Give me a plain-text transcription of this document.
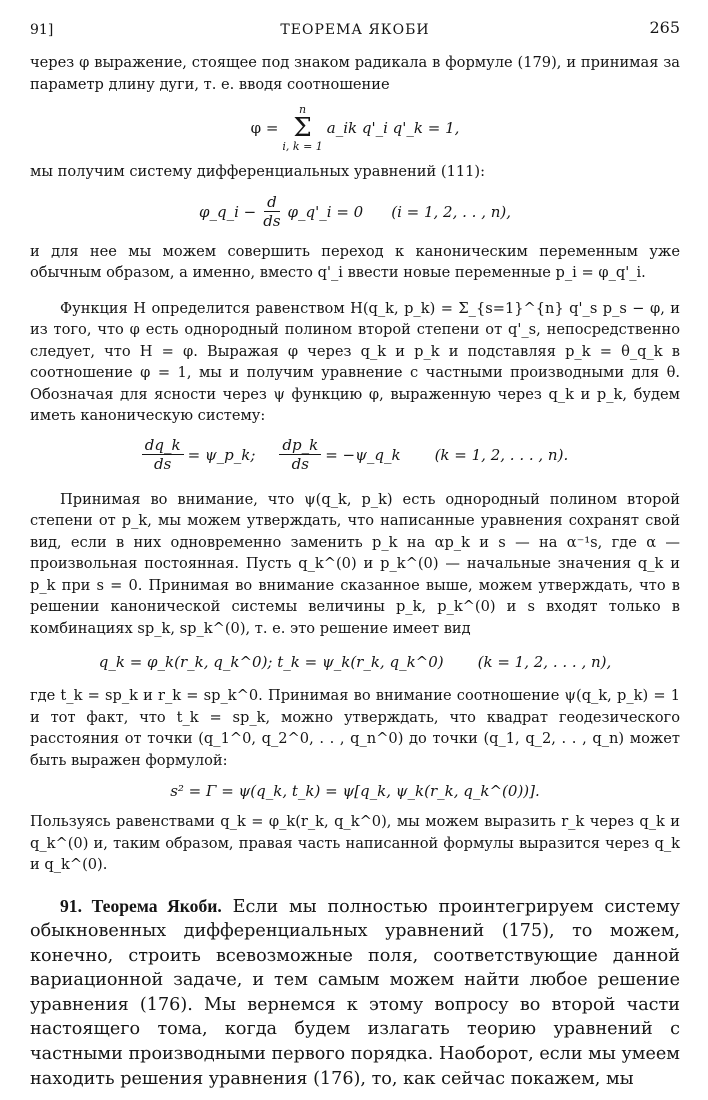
91]	ТЕОРЕМА ЯКОБИ	265

через φ выражение, стоящее под знаком радикала в формуле (179), и принимая за параметр длину дуги, т. е. вводя соотношение

φ =
n
Σ
i, k = 1
a_ik q'_i q'_k = 1,

мы получим систему дифференциальных уравнений (111):

φ_q_i − $\frac{d}{ds}$ φ_q'_i = 0 (i = 1, 2, . . , n),

и для нее мы можем совершить переход к каноническим переменным уже обычным образом, а именно, вместо q'_i ввести новые переменные p_i = φ_q'_i.

Функция H определится равенством H(q_k, p_k) = Σ_{s=1}^{n} q'_s p_s − φ, и из того, что φ есть однородный полином второй степени от q'_s, непосредственно следует, что H = φ. Выражая φ через q_k и p_k и подставляя p_k = θ_q_k в соотношение φ = 1, мы и получим уравнение с частными производными для θ. Обозначая для ясности через ψ функцию φ, выраженную через q_k и p_k, будем иметь каноническую систему:

$\frac{dq\_k}{ds}$ = ψ_p_k; $\frac{dp\_k}{ds}$ = −ψ_q_k (k = 1, 2, . . . , n).

Принимая во внимание, что ψ(q_k, p_k) есть однородный полином второй степени от p_k, мы можем утверждать, что написанные уравнения сохранят свой вид, если в них одновременно заменить p_k на αp_k и s — на α⁻¹s, где α — произвольная постоянная. Пусть q_k^(0) и p_k^(0) — начальные значения q_k и p_k при s = 0. Принимая во внимание сказанное выше, можем утверждать, что в решении канонической системы величины p_k, p_k^(0) и s входят только в комбинациях sp_k, sp_k^(0), т. е. это решение имеет вид

q_k = φ_k(r_k, q_k^0); t_k = ψ_k(r_k, q_k^0) (k = 1, 2, . . . , n),

где t_k = sp_k и r_k = sp_k^0. Принимая во внимание соотношение ψ(q_k, p_k) = 1 и тот факт, что t_k = sp_k, можно утверждать, что квадрат геодезического расстояния от точки (q_1^0, q_2^0, . . , q_n^0) до точки (q_1, q_2, . . , q_n) может быть выражен формулой:

s² = Γ = ψ(q_k, t_k) = ψ[q_k, ψ_k(r_k, q_k^(0))].

Пользуясь равенствами q_k = φ_k(r_k, q_k^0), мы можем выразить r_k через q_k и q_k^(0) и, таким образом, правая часть написанной формулы выразится через q_k и q_k^(0).

91. Теорема Якоби. Если мы полностью проинтегрируем систему обыкновенных дифференциальных уравнений (175), то можем, конечно, строить всевозможные поля, соответствующие данной вариационной задаче, и тем самым можем найти любое решение уравнения (176). Мы вернемся к этому вопросу во второй части настоящего тома, когда будем излагать теорию уравнений с частными производными первого порядка. Наоборот, если мы умеем находить решения уравнения (176), то, как сейчас покажем, мы
